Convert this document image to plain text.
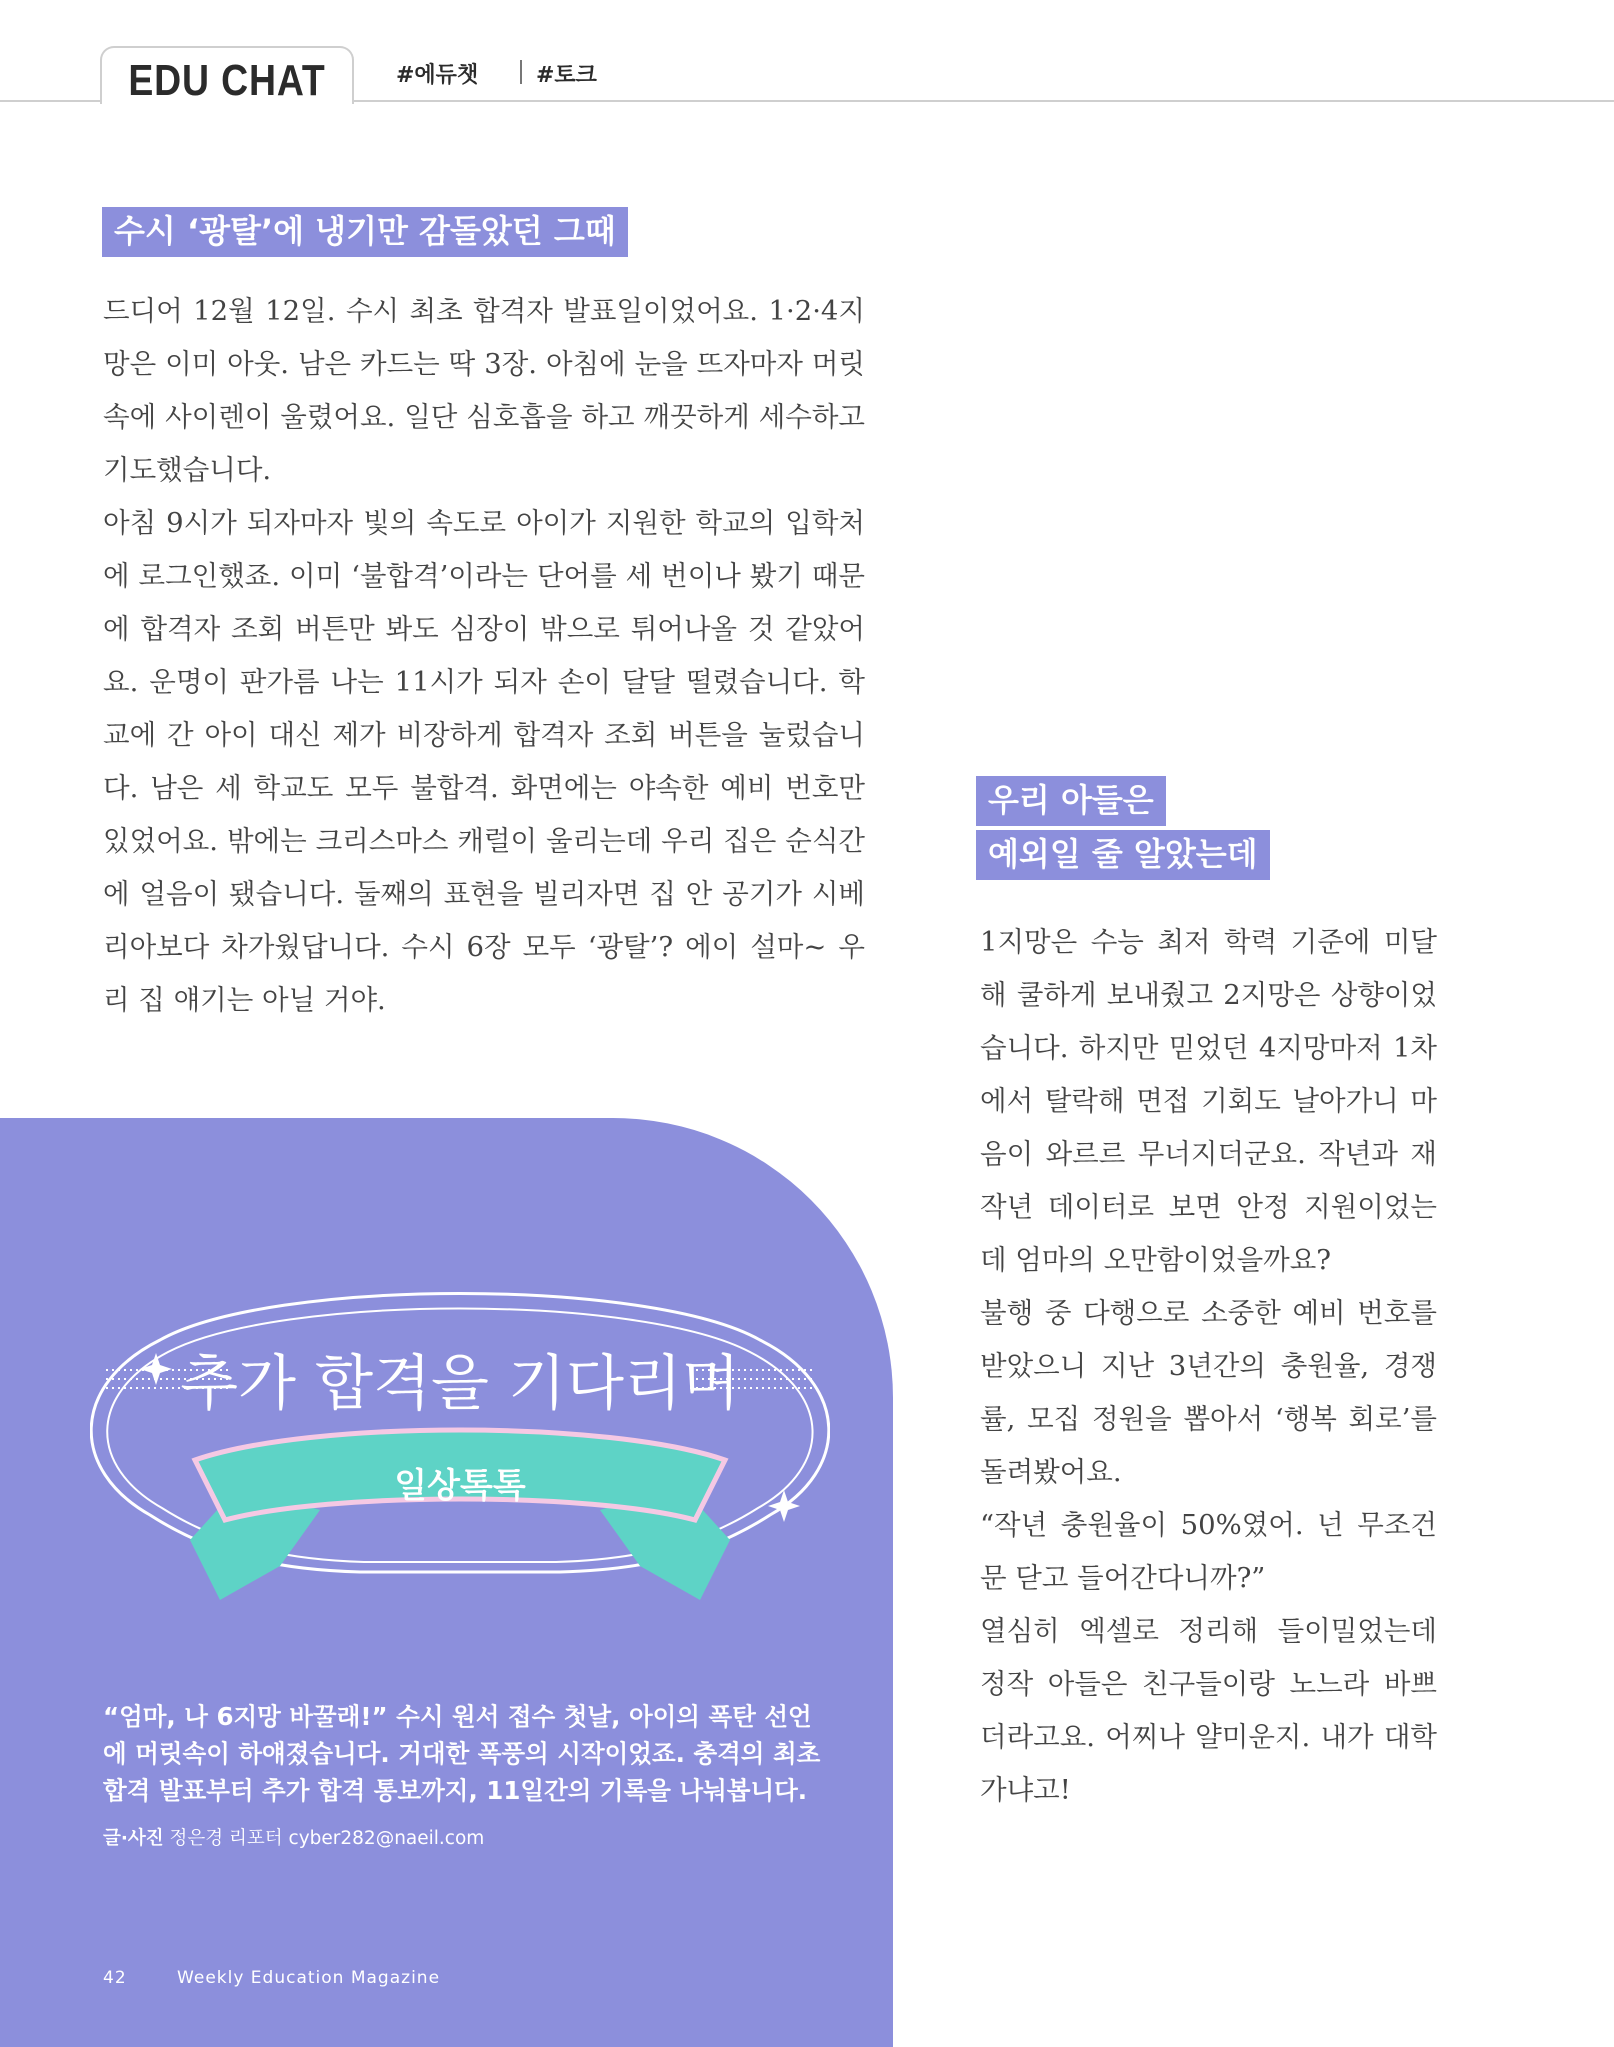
EDU CHAT	#에듀챗	#토크
수시 ‘광탈’에 냉기만 감돌았던 그때

드디어 12월 12일. 수시 최초 합격자 발표일이었어요. 1·2·4지망은 이미 아웃. 남은 카드는 딱 3장. 아침에 눈을 뜨자마자 머릿속에 사이렌이 울렸어요. 일단 심호흡을 하고 깨끗하게 세수하고 기도했습니다.

아침 9시가 되자마자 빛의 속도로 아이가 지원한 학교의 입학처에 로그인했죠. 이미 ‘불합격’이라는 단어를 세 번이나 봤기 때문에 합격자 조회 버튼만 봐도 심장이 밖으로 튀어나올 것 같았어요. 운명이 판가름 나는 11시가 되자 손이 달달 떨렸습니다. 학교에 간 아이 대신 제가 비장하게 합격자 조회 버튼을 눌렀습니다. 남은 세 학교도 모두 불합격. 화면에는 야속한 예비 번호만 있었어요. 밖에는 크리스마스 캐럴이 울리는데 우리 집은 순식간에 얼음이 됐습니다. 둘째의 표현을 빌리자면 집 안 공기가 시베리아보다 차가웠답니다. 수시 6장 모두 ‘광탈’? 에이 설마~ 우리 집 얘기는 아닐 거야.

우리 아들은
예외일 줄 알았는데

1지망은 수능 최저 학력 기준에 미달해 쿨하게 보내줬고 2지망은 상향이었습니다. 하지만 믿었던 4지망마저 1차에서 탈락해 면접 기회도 날아가니 마음이 와르르 무너지더군요. 작년과 재작년 데이터로 보면 안정 지원이었는데 엄마의 오만함이었을까요?

불행 중 다행으로 소중한 예비 번호를 받았으니 지난 3년간의 충원율, 경쟁률, 모집 정원을 뽑아서 ‘행복 회로’를 돌려봤어요.

“작년 충원율이 50%였어. 넌 무조건 문 닫고 들어간다니까?”

열심히 엑셀로 정리해 들이밀었는데 정작 아들은 친구들이랑 노느라 바쁘더라고요. 어찌나 얄미운지. 내가 대학 가냐고!

추가 합격을 기다리며
일상톡톡
“엄마, 나 6지망 바꿀래!” 수시 원서 접수 첫날, 아이의 폭탄 선언에 머릿속이 하얘졌습니다. 거대한 폭풍의 시작이었죠. 충격의 최초 합격 발표부터 추가 합격 통보까지, 11일간의 기록을 나눠봅니다.
글·사진 정은경 리포터 cyber282@naeil.com
42	Weekly Education Magazine
